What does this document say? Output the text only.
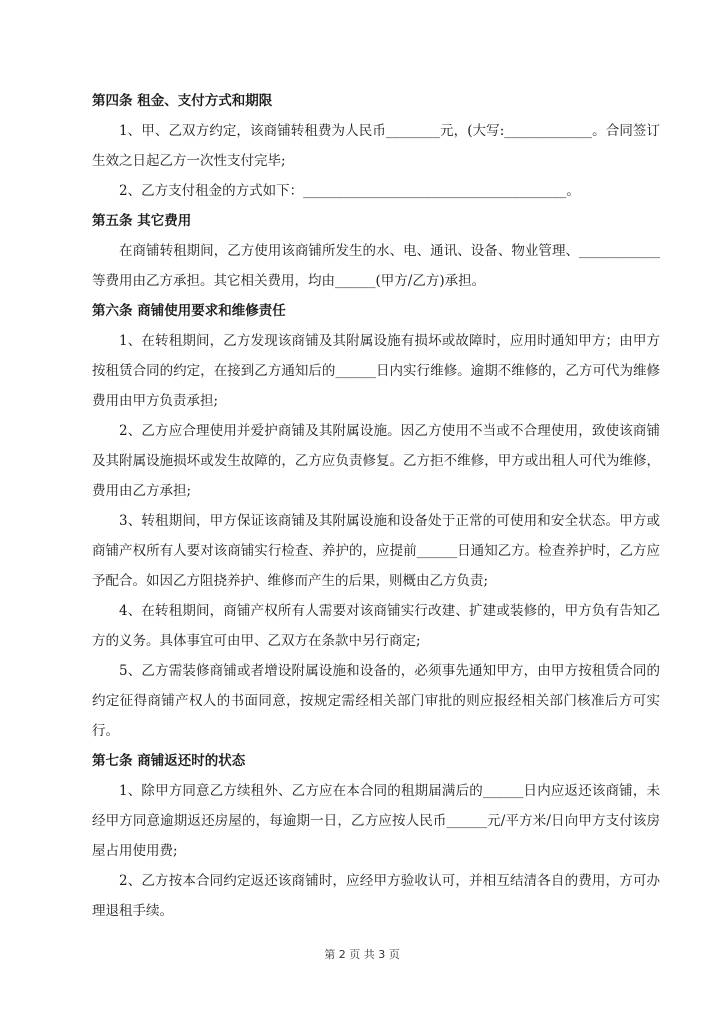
第四条 租金、支付方式和期限

1、甲、乙双方约定，该商铺转租费为人民币________元，(大写:_____________。合同签订生效之日起乙方一次性支付完毕;

2、乙方支付租金的方式如下：_______________________________________。

第五条 其它费用

在商铺转租期间，乙方使用该商铺所发生的水、电、通讯、设备、物业管理、____________等费用由乙方承担。其它相关费用，均由______(甲方/乙方)承担。

第六条 商铺使用要求和维修责任

1、在转租期间，乙方发现该商铺及其附属设施有损坏或故障时，应用时通知甲方；由甲方按租赁合同的约定，在接到乙方通知后的______日内实行维修。逾期不维修的，乙方可代为维修费用由甲方负责承担;

2、乙方应合理使用并爱护商铺及其附属设施。因乙方使用不当或不合理使用，致使该商铺及其附属设施损坏或发生故障的，乙方应负责修复。乙方拒不维修，甲方或出租人可代为维修，费用由乙方承担;

3、转租期间，甲方保证该商铺及其附属设施和设备处于正常的可使用和安全状态。甲方或商铺产权所有人要对该商铺实行检查、养护的，应提前______日通知乙方。检查养护时，乙方应予配合。如因乙方阻挠养护、维修而产生的后果，则概由乙方负责;

4、在转租期间，商铺产权所有人需要对该商铺实行改建、扩建或装修的，甲方负有告知乙方的义务。具体事宜可由甲、乙双方在条款中另行商定;

5、乙方需装修商铺或者增设附属设施和设备的，必须事先通知甲方，由甲方按租赁合同的约定征得商铺产权人的书面同意，按规定需经相关部门审批的则应报经相关部门核准后方可实行。

第七条 商铺返还时的状态

1、除甲方同意乙方续租外、乙方应在本合同的租期届满后的______日内应返还该商铺，未经甲方同意逾期返还房屋的，每逾期一日，乙方应按人民币______元/平方米/日向甲方支付该房屋占用使用费;

2、乙方按本合同约定返还该商铺时，应经甲方验收认可，并相互结清各自的费用，方可办理退租手续。

第 2 页 共 3 页
